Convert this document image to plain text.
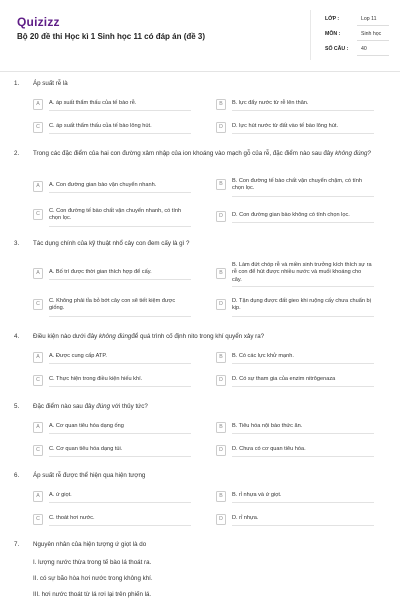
Quizizz
Bộ 20 đề thi Học kì 1 Sinh học 11 có đáp án (đề 3)
LỚP :	Lop 11
MÔN :	Sinh học
SỐ CÂU : 40
1. Áp suất rễ là
A	A. áp suất thẩm thấu của tế bào rễ.	B	B. lực đẩy nước từ rễ lên thân.
C	C. áp suất thẩm thấu của tế bào lông hút.	D	D. lực hút nước từ đất vào tế bào lông hút.
2. Trong các đặc điểm của hai con đường xâm nhập của ion khoáng vào mạch gỗ của rễ, đặc điểm nào sau đây không đúng?
A	A. Con đường gian bào vận chuyển nhanh.	B	B. Con đường tế bào chất vận chuyển chậm, có tính chọn lọc.
C	C. Con đường tế bào chất vận chuyển nhanh, có tính chọn lọc.	D	D. Con đường gian bào không có tính chọn lọc.
3. Tác dụng chính của kỹ thuật nhổ cây con đem cấy là gì ?
A	A. Bố trí được thời gian thích hợp để cấy.	B
B. Làm đứt chóp rễ và miền sinh trưởng kích thích sự ra rễ con để hút được nhiều nước và muối khoáng cho cây.
C	C. Không phải tỉa bỏ bớt cây con sẽ tiết kiệm được giống.
D	D. Tận dụng được đất gieo khi ruộng cấy chưa chuẩn bị kịp.
4. Điều kiện nào dưới đây không đúngđể quá trình cố định nito trong khí quyển xảy ra?
A	A. Được cung cấp ATP.	B	B. Có các lực khử mạnh.
C	C. Thực hiện trong điều kiện hiếu khí.	D	D. Có sự tham gia của enzim nitrôgenaza
5. Đặc điểm nào sau đây đúng với thủy tức?
A	A. Cơ quan tiêu hóa dạng ống	B	B. Tiêu hóa nội bào thức ăn.
C	C. Cơ quan tiêu hóa dạng túi.	D	D. Chưa có cơ quan tiêu hóa.
6. Áp suất rễ được thể hiện qua hiện tượng
A	A. ứ giọt.	B	B. rỉ nhựa và ứ giọt.
C	C. thoát hơi nước.	D	D. rỉ nhựa.
7. Nguyên nhân của hiện tượng ứ giọt là do
I. lượng nước thừa trong tế bào lá thoát ra.
II. có sự bão hòa hơi nước trong không khí.
III. hơi nước thoát từ lá rơi lại trên phiến lá.
